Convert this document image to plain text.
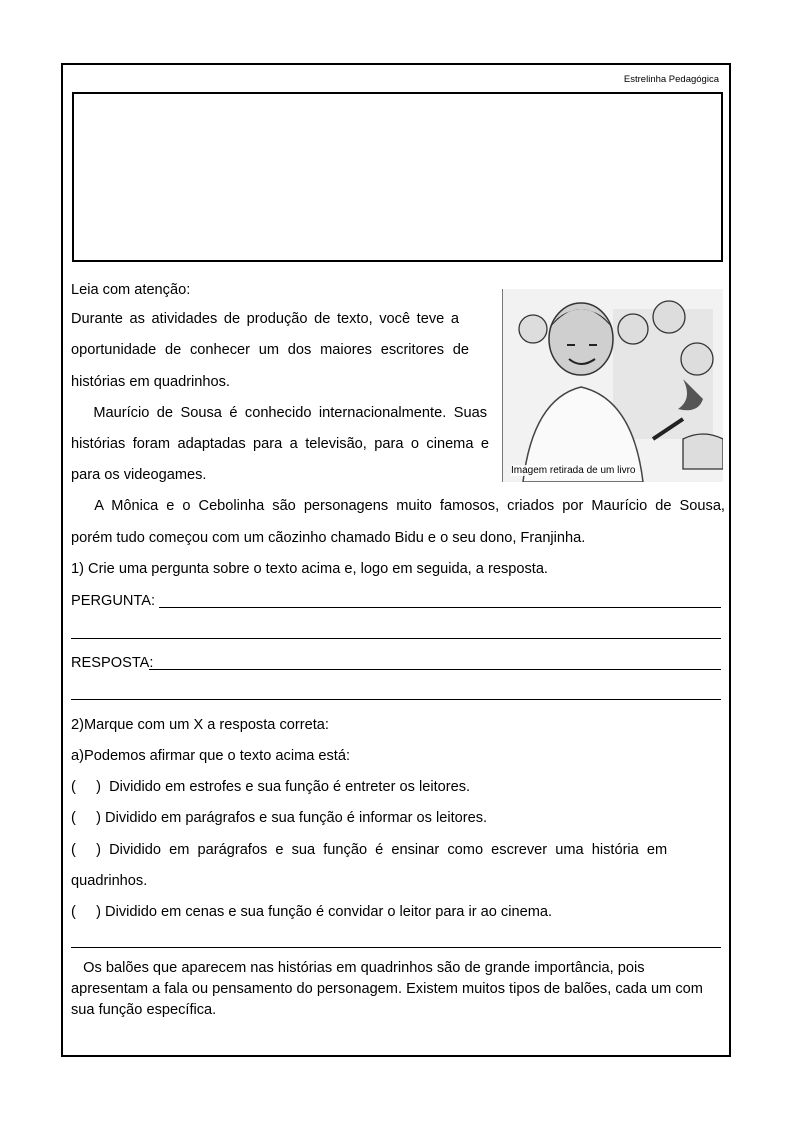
Estrelinha Pedagógica
Leia com atenção:
Durante as atividades de produção de texto, você teve a
oportunidade de conhecer um dos maiores escritores de
histórias em quadrinhos.
Maurício de Sousa é conhecido internacionalmente. Suas
histórias foram adaptadas para a televisão, para o cinema e
para os videogames.	Imagem retirada de um livro
A Mônica e o Cebolinha são personagens muito famosos, criados por Maurício de Sousa,
porém tudo começou com um cãozinho chamado Bidu e o seu dono, Franjinha.
1) Crie uma pergunta sobre o texto acima e, logo em seguida, a resposta.
PERGUNTA:
RESPOSTA:
2)Marque com um X a resposta correta:
a)Podemos afirmar que o texto acima está:
(     )  Dividido em estrofes e sua função é entreter os leitores.
(     ) Dividido em parágrafos e sua função é informar os leitores.
(     )  Dividido  em  parágrafos  e  sua  função  é  ensinar  como  escrever  uma  história  em
quadrinhos.
(     ) Dividido em cenas e sua função é convidar o leitor para ir ao cinema.
Os balões que aparecem nas histórias em quadrinhos são de grande importância, pois apresentam a fala ou pensamento do personagem. Existem muitos tipos de balões, cada um com sua função específica.
